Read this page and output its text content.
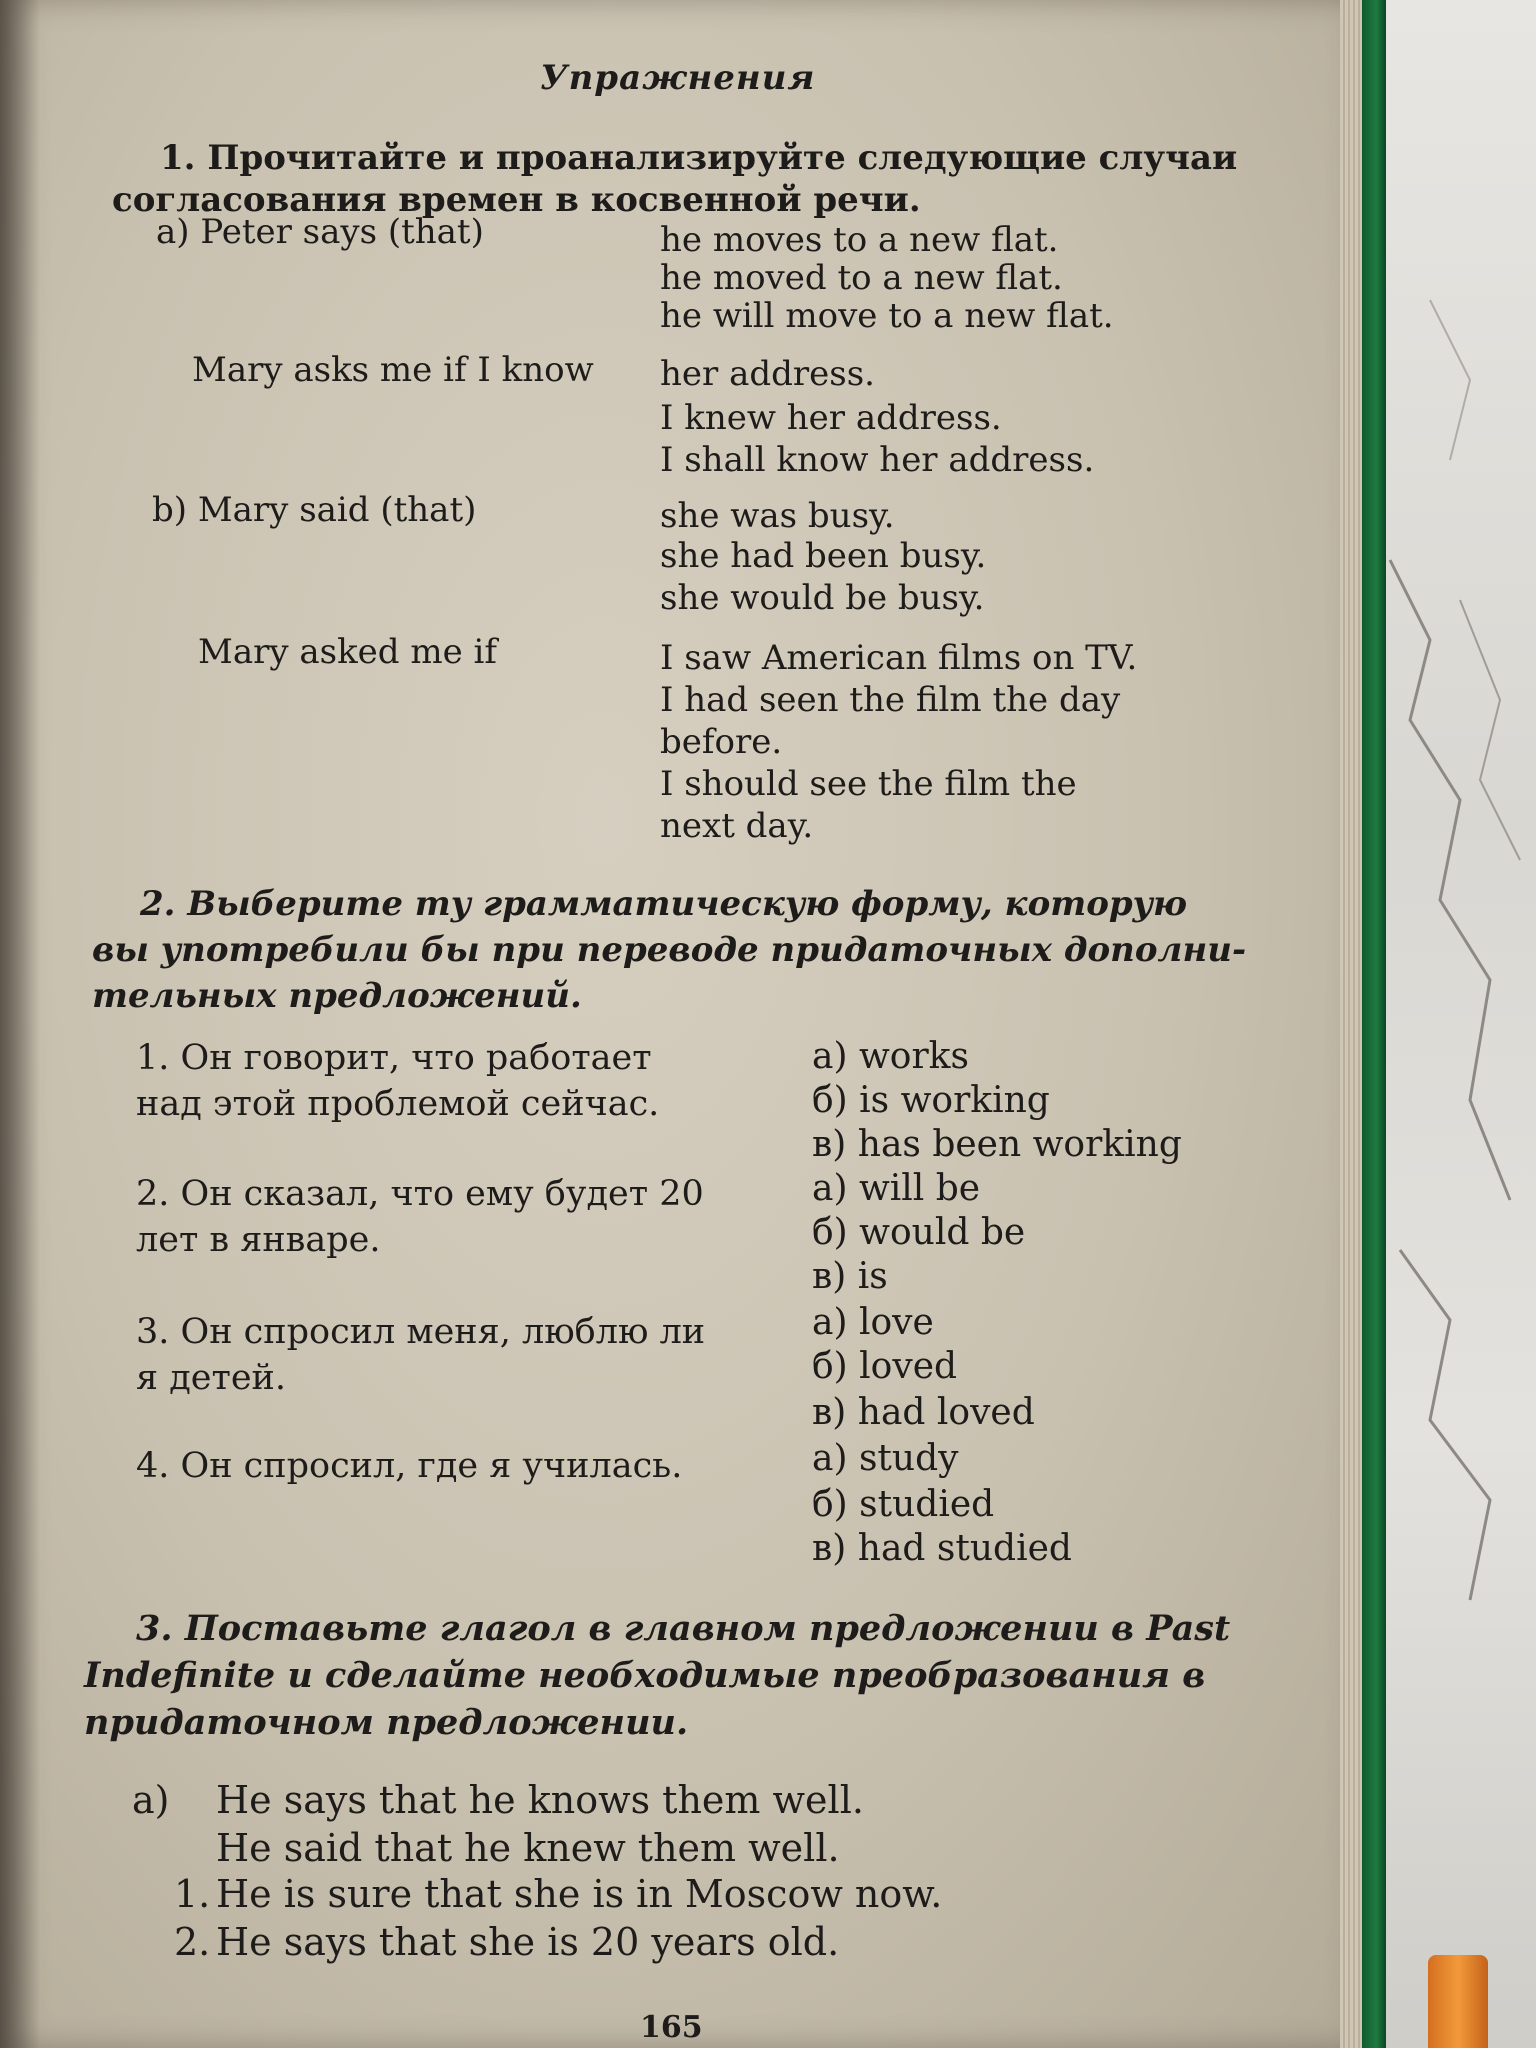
Упражнения
1. Прочитайте и проанализируйте следующие случаи
согласования времен в косвенной речи.
a) Peter says (that)	he moves to a new flat.
he moved to a new flat.
he will move to a new flat.
Mary asks me if I know her address.
I knew her address.
I shall know her address.
b) Mary said (that)	she was busy.
she had been busy.
she would be busy.
Mary asked me if	I saw American films on TV.
I had seen the film the day
before.
I should see the film the
next day.
2. Выберите ту грамматическую форму, которую
вы употребили бы при переводе придаточных дополни-
тельных предложений.
1. Он говорит, что работает
над этой проблемой сейчас.
а) works
б) is working
в) has been working
2. Он сказал, что ему будет 20
лет в январе.
а) will be
б) would be
в) is
3. Он спросил меня, люблю ли
я детей.
а) love
б) loved
в) had loved
4. Он спросил, где я училась.	а) study
б) studied
в) had studied
3. Поставьте глагол в главном предложении в Past
Indefinite и сделайте необходимые преобразования в
придаточном предложении.
a) He says that he knows them well.
He said that he knew them well.
1. He is sure that she is in Moscow now.
2. He says that she is 20 years old.
165
